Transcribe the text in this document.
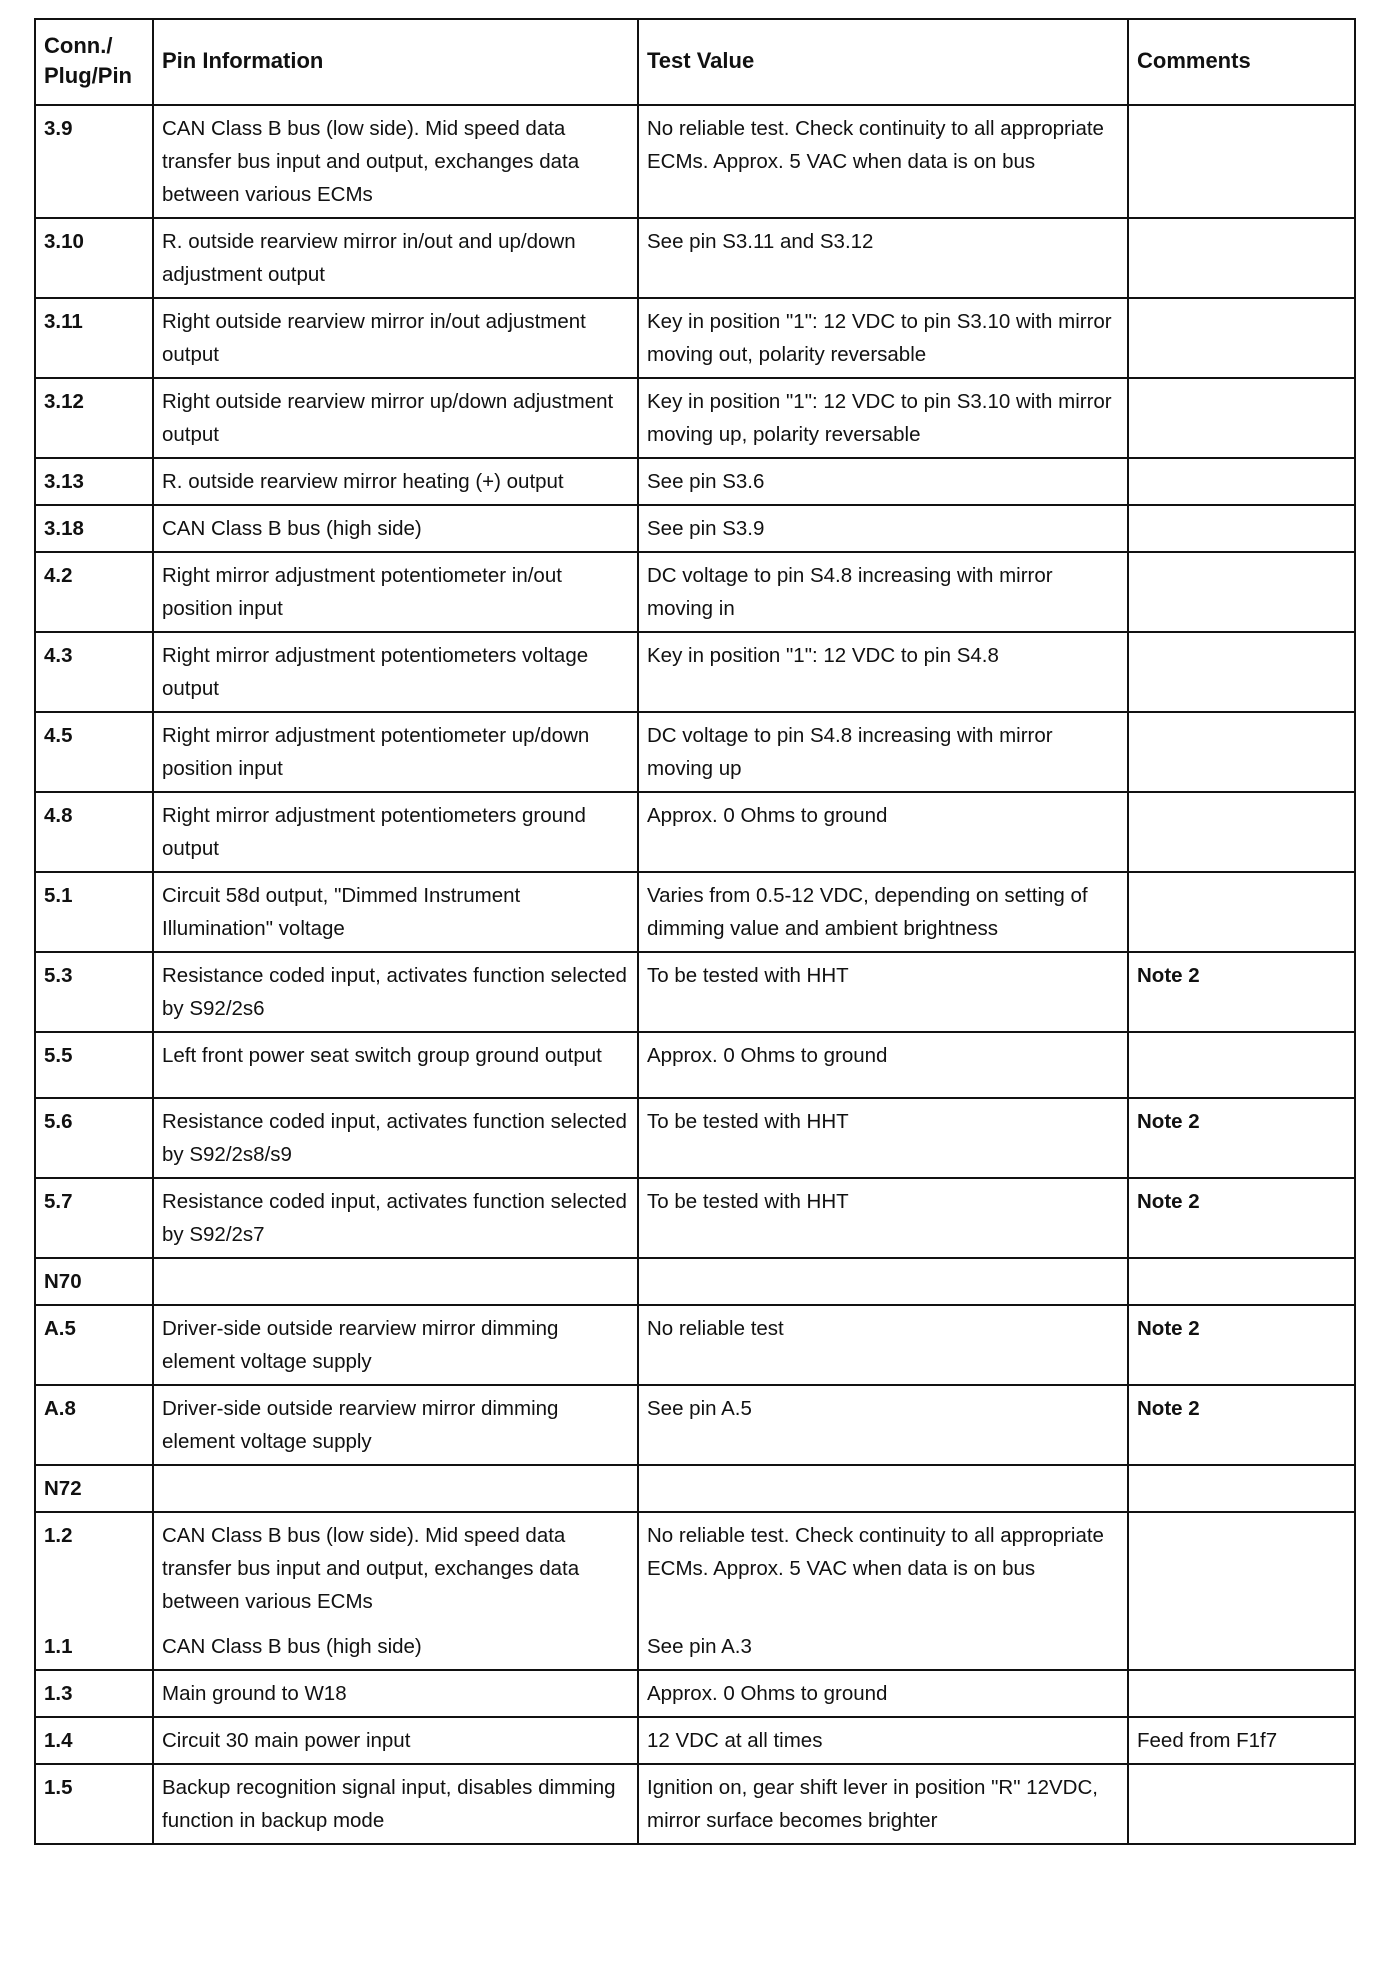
Conn./ Plug/Pin	Pin Information	Test Value	Comments
3.9	CAN Class B bus (low side). Mid speed data transfer bus input and output, exchanges data between various ECMs	No reliable test. Check continuity to all appropriate ECMs. Approx. 5 VAC when data is on bus	
3.10	R. outside rearview mirror in/out and up/down adjustment output	See pin S3.11 and S3.12	
3.11	Right outside rearview mirror in/out adjustment output	Key in position "1": 12 VDC to pin S3.10 with mirror moving out, polarity reversable	
3.12	Right outside rearview mirror up/down adjustment output	Key in position "1": 12 VDC to pin S3.10 with mirror moving up, polarity reversable	
3.13	R. outside rearview mirror heating (+) output	See pin S3.6	
3.18	CAN Class B bus (high side)	See pin S3.9	
4.2	Right mirror adjustment potentiometer in/out position input	DC voltage to pin S4.8 increasing with mirror moving in	
4.3	Right mirror adjustment potentiometers voltage output	Key in position "1": 12 VDC to pin S4.8	
4.5	Right mirror adjustment potentiometer up/down position input	DC voltage to pin S4.8 increasing with mirror moving up	
4.8	Right mirror adjustment potentiometers ground output	Approx. 0 Ohms to ground	
5.1	Circuit 58d output, "Dimmed Instrument Illumination" voltage	Varies from 0.5-12 VDC, depending on setting of dimming value and ambient brightness	
5.3	Resistance coded input, activates function selected by S92/2s6	To be tested with HHT	Note 2
5.5	Left front power seat switch group ground output	Approx. 0 Ohms to ground	
5.6	Resistance coded input, activates function selected by S92/2s8/s9	To be tested with HHT	Note 2
5.7	Resistance coded input, activates function selected by S92/2s7	To be tested with HHT	Note 2
N70			
A.5	Driver-side outside rearview mirror dimming element voltage supply	No reliable test	Note 2
A.8	Driver-side outside rearview mirror dimming element voltage supply	See pin A.5	Note 2
N72			
1.2	CAN Class B bus (low side). Mid speed data transfer bus input and output, exchanges data between various ECMs	No reliable test. Check continuity to all appropriate ECMs. Approx. 5 VAC when data is on bus	
1.1	CAN Class B bus (high side)	See pin A.3	
1.3	Main ground to W18	Approx. 0 Ohms to ground	
1.4	Circuit 30 main power input	12 VDC at all times	Feed from F1f7
1.5	Backup recognition signal input, disables dimming function in backup mode	Ignition on, gear shift lever in position "R" 12VDC, mirror surface becomes brighter	
